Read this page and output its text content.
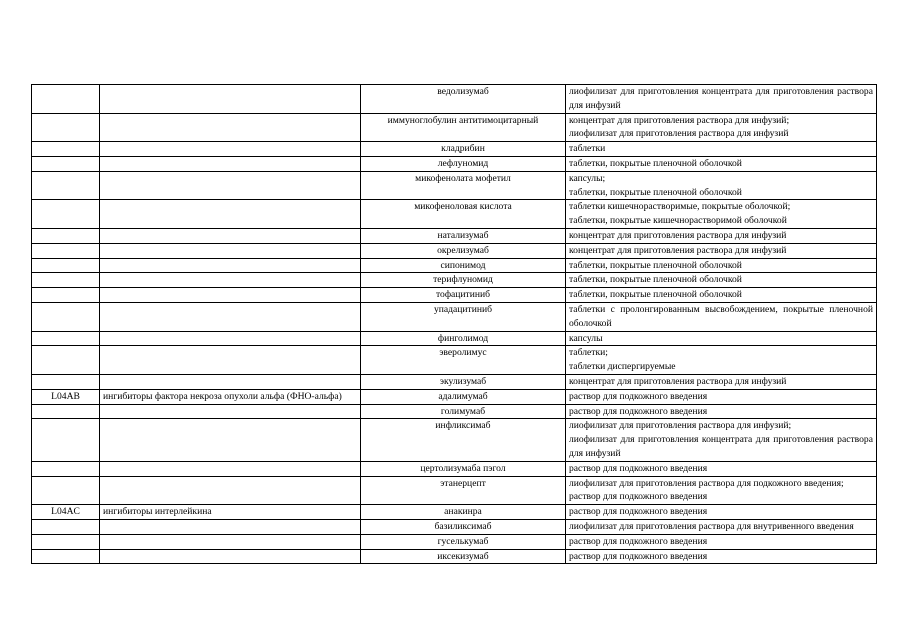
		ведолизумаб	лиофилизат для приготовления концентрата для приготовления раствора для инфузий

		иммуноглобулин антитимоцитарный	концентрат для приготовления раствора для инфузий;
лиофилизат для приготовления раствора для инфузий

		кладрибин	таблетки

		лефлуномид	таблетки, покрытые пленочной оболочкой

		микофенолата мофетил	капсулы;
таблетки, покрытые пленочной оболочкой

		микофеноловая кислота	таблетки кишечнорастворимые, покрытые оболочкой;
таблетки, покрытые кишечнорастворимой оболочкой

		натализумаб	концентрат для приготовления раствора для инфузий

		окрелизумаб	концентрат для приготовления раствора для инфузий

		сипонимод	таблетки, покрытые пленочной оболочкой

		терифлуномид	таблетки, покрытые пленочной оболочкой

		тофацитиниб	таблетки, покрытые пленочной оболочкой

		упадацитиниб	таблетки с пролонгированным высвобождением, покрытые пленочной оболочкой

		финголимод	капсулы

		эверолимус	таблетки;
таблетки диспергируемые

		экулизумаб	концентрат для приготовления раствора для инфузий

L04AB	ингибиторы фактора некроза опухоли альфа (ФНО-альфа)	адалимумаб	раствор для подкожного введения

		голимумаб	раствор для подкожного введения

		инфликсимаб	лиофилизат для приготовления раствора для инфузий;
лиофилизат для приготовления концентрата для приготовления раствора для инфузий

		цертолизумаба пэгол	раствор для подкожного введения

		этанерцепт	лиофилизат для приготовления раствора для подкожного введения;
раствор для подкожного введения

L04AC	ингибиторы интерлейкина	анакинра	раствор для подкожного введения

		базиликсимаб	лиофилизат для приготовления раствора для внутривенного введения

		гуселькумаб	раствор для подкожного введения

		иксекизумаб	раствор для подкожного введения
